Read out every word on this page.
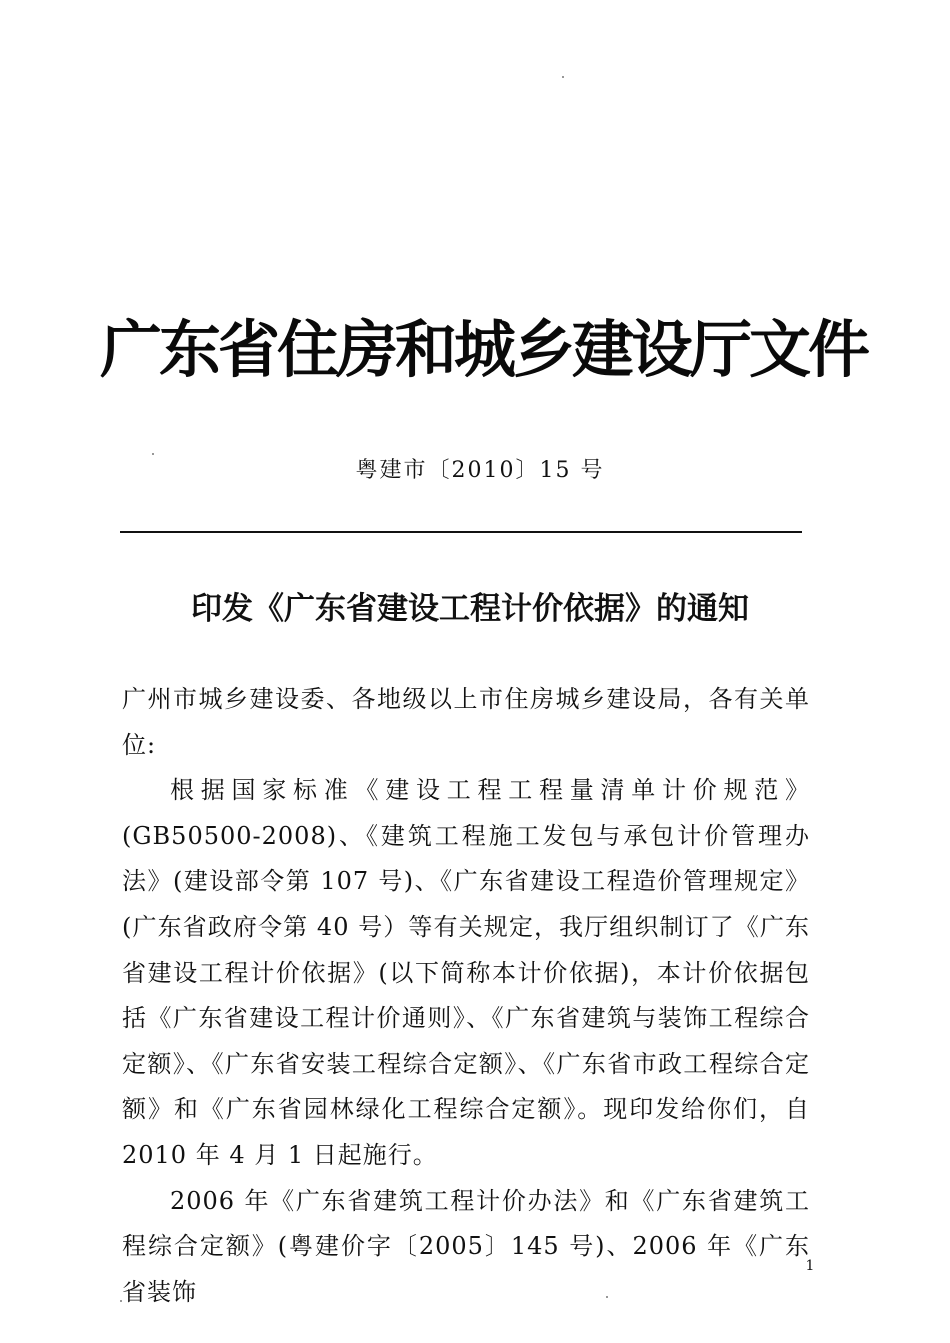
广东省住房和城乡建设厅文件
粤建市〔2010〕15 号
印发《广东省建设工程计价依据》的通知

广州市城乡建设委、各地级以上市住房城乡建设局，各有关单位:

根据国家标准《建设工程工程量清单计价规范》(GB50500-2008)、《建筑工程施工发包与承包计价管理办法》(建设部令第 107 号)、《广东省建设工程造价管理规定》(广东省政府令第 40 号）等有关规定，我厅组织制订了《广东省建设工程计价依据》(以下简称本计价依据)，本计价依据包括《广东省建设工程计价通则》、《广东省建筑与装饰工程综合定额》、《广东省安装工程综合定额》、《广东省市政工程综合定额》和《广东省园林绿化工程综合定额》。现印发给你们，自 2010 年 4 月 1 日起施行。

2006 年《广东省建筑工程计价办法》和《广东省建筑工程综合定额》(粤建价字〔2005〕145 号)、2006 年《广东省装饰

1
